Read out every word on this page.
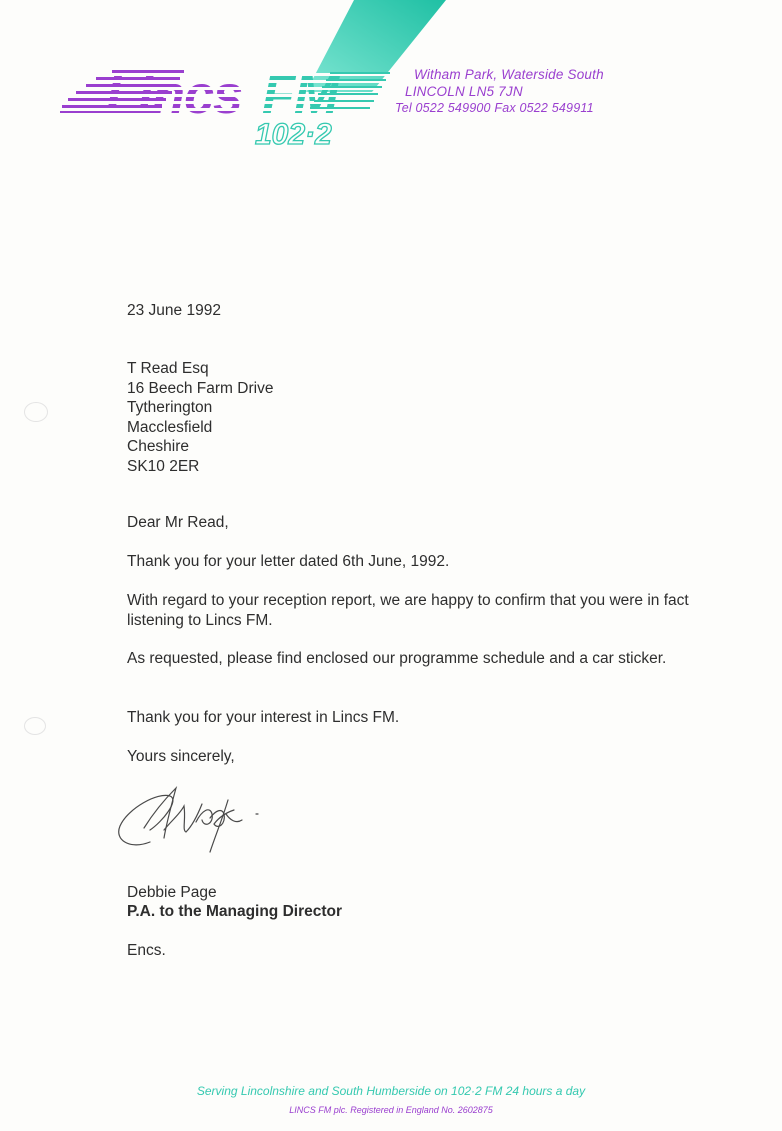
102·2
Witham Park, Waterside South
LINCOLN LN5 7JN
Tel 0522 549900 Fax 0522 549911
23 June 1992
T Read Esq
16 Beech Farm Drive
Tytherington
Macclesfield
Cheshire
SK10 2ER
Dear Mr Read,
Thank you for your letter dated 6th June, 1992.
With regard to your reception report, we are happy to confirm that you were in fact listening to Lincs FM.
As requested, please find enclosed our programme schedule and a car sticker.
Thank you for your interest in Lincs FM.
Yours sincerely,
Debbie Page
P.A. to the Managing Director
Encs.
Serving Lincolnshire and South Humberside on 102·2 FM 24 hours a day
LINCS FM plc. Registered in England No. 2602875
